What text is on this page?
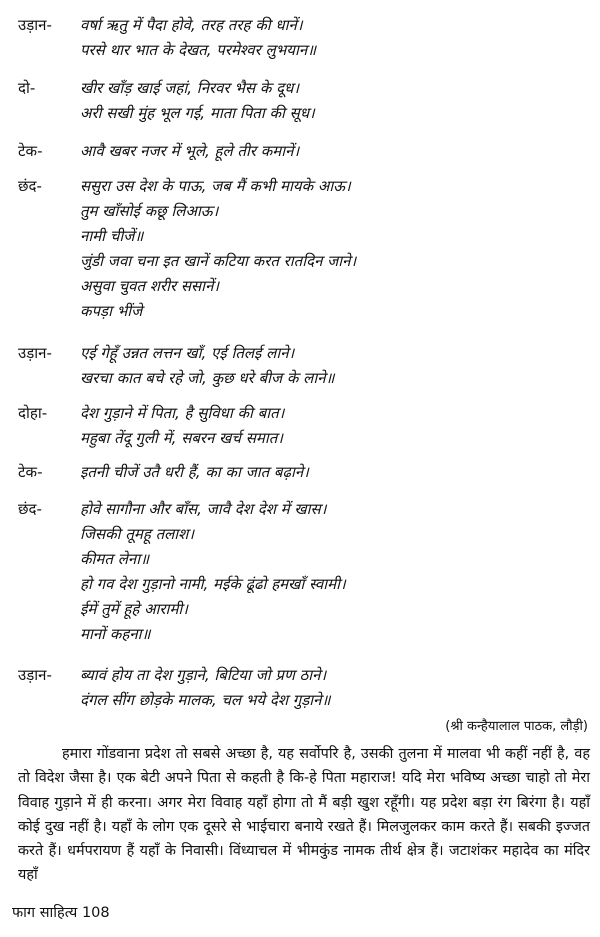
उड़ान-	वर्षा ऋतु में पैदा होवे, तरह तरह की धानें।
परसे थार भात के देखत, परमेश्वर लुभयान॥
दो-	खीर खाँड़ खाई जहां, निरवर भैस के दूध।
अरी सखी मुंह भूल गई, माता पिता की सूध।
टेक-	आवै खबर नजर में भूले, हूले तीर कमानें।
छंद-	ससुरा उस देश के पाऊ, जब मैं कभी मायके आऊ।
तुम खाँसोई कछू लिआऊ।
नामी चीजें॥
जुंडी जवा चना इत खानें कटिया करत रातदिन जाने।
असुवा चुवत शरीर ससानें।
कपड़ा भींजे
उड़ान-	एई गेहूँ उन्नत लत्तन खाँ, एई तिलई लाने।
खरचा कात बचे रहे जो, कुछ धरे बीज के लाने॥
दोहा-	देश गुड़ाने में पिता, है सुविधा की बात।
महुबा तेंदू गुली में, सबरन खर्च समात।
टेक-	इतनी चीजें उतै धरी हैं, का का जात बढ़ाने।
छंद-	होवे सागौना और बाँस, जावै देश देश में खास।
जिसकी तूमहू तलाश।
कीमत लेना॥
हो गव देश गुड़ानो नामी, मईके ढूंढो हमखाँ स्वामी।
ईमें तुमें हूहे आरामी।
मानों कहना॥
उड़ान-	ब्यावं होय ता देश गुड़ाने, बिटिया जो प्रण ठाने।
दंगल सींग छोड़के मालक, चल भये देश गुड़ाने॥
(श्री कन्हैयालाल पाठक, लौड़ी)

हमारा गोंडवाना प्रदेश तो सबसे अच्छा है, यह सर्वोपरि है, उसकी तुलना में मालवा भी कहीं नहीं है, वह तो विदेश जैसा है। एक बेटी अपने पिता से कहती है कि-हे पिता महाराज! यदि मेरा भविष्य अच्छा चाहो तो मेरा विवाह गुड़ाने में ही करना। अगर मेरा विवाह यहाँ होगा तो मैं बड़ी खुश रहूँगी। यह प्रदेश बड़ा रंग बिरंगा है। यहाँ कोई दुख नहीं है। यहाँ के लोग एक दूसरे से भाईचारा बनाये रखते हैं। मिलजुलकर काम करते हैं। सबकी इज्जत करते हैं। धर्मपरायण हैं यहाँ के निवासी। विंध्याचल में भीमकुंड नामक तीर्थ क्षेत्र हैं। जटाशंकर महादेव का मंदिर यहाँ

फाग साहित्य 108
